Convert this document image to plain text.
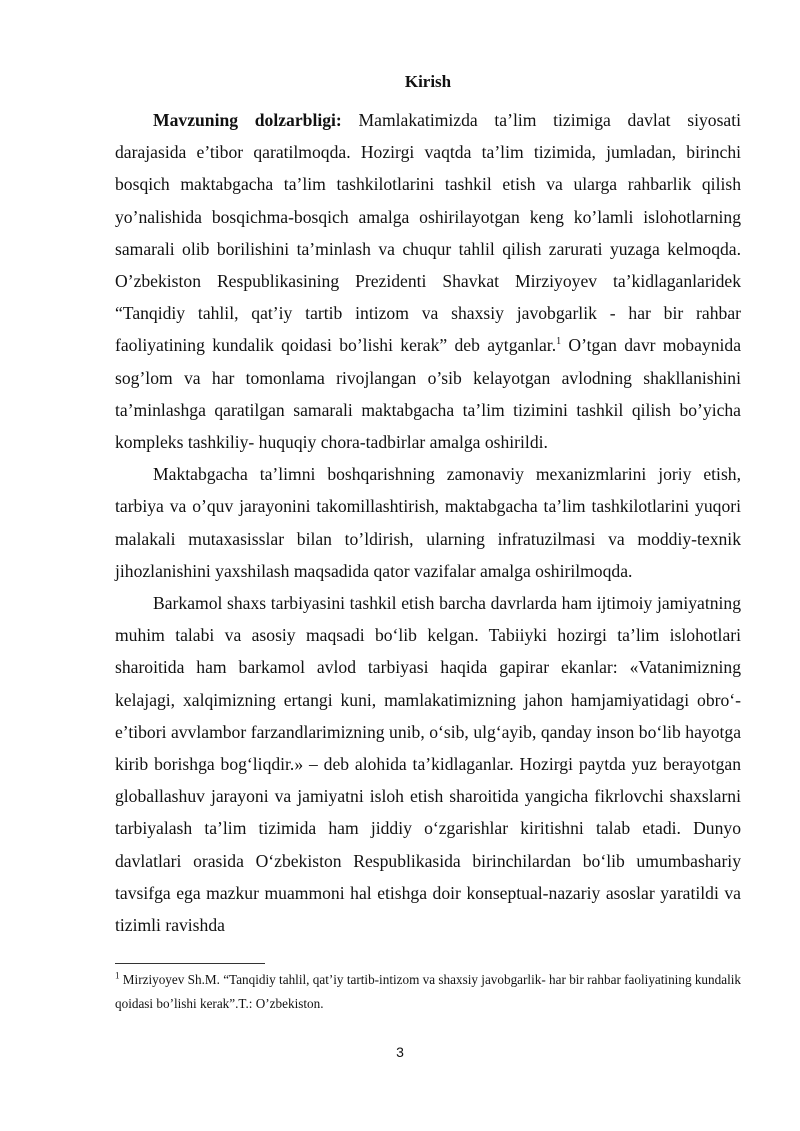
Kirish

Mavzuning dolzarbligi: Mamlakatimizda ta’lim tizimiga davlat siyosati darajasida e’tibor qaratilmoqda. Hozirgi vaqtda ta’lim tizimida, jumladan, birinchi bosqich maktabgacha ta’lim tashkilotlarini tashkil etish va ularga rahbarlik qilish yo’nalishida bosqichma-bosqich amalga oshirilayotgan keng ko’lamli islohotlarning samarali olib borilishini ta’minlash va chuqur tahlil qilish zarurati yuzaga kelmoqda. O’zbekiston Respublikasining Prezidenti Shavkat Mirziyoyev ta’kidlaganlaridek “Tanqidiy tahlil, qat’iy tartib intizom va shaxsiy javobgarlik - har bir rahbar faoliyatining kundalik qoidasi bo’lishi kerak” deb aytganlar.$^1$ O’tgan davr mobaynida sog’lom va har tomonlama rivojlangan o’sib kelayotgan avlodning shakllanishini ta’minlashga qaratilgan samarali maktabgacha ta’lim tizimini tashkil qilish bo’yicha kompleks tashkiliy- huquqiy chora-tadbirlar amalga oshirildi.

Maktabgacha ta’limni boshqarishning zamonaviy mexanizmlarini joriy etish, tarbiya va o’quv jarayonini takomillashtirish, maktabgacha ta’lim tashkilotlarini yuqori malakali mutaxasisslar bilan to’ldirish, ularning infratuzilmasi va moddiy-texnik jihozlanishini yaxshilash maqsadida qator vazifalar amalga oshirilmoqda.

Barkamol shaxs tarbiyasini tashkil etish barcha davrlarda ham ijtimoiy jamiyatning muhim talabi va asosiy maqsadi bo‘lib kelgan. Tabiiyki hozirgi ta’lim islohotlari sharoitida ham barkamol avlod tarbiyasi haqida gapirar ekanlar: «Vatanimizning kelajagi, xalqimizning ertangi kuni, mamlakatimizning jahon hamjamiyatidagi obro‘-e’tibori avvlambor farzandlarimizning unib, o‘sib, ulg‘ayib, qanday inson bo‘lib hayotga kirib borishga bog‘liqdir.» – deb alohida ta’kidlaganlar. Hozirgi paytda yuz berayotgan globallashuv jarayoni va jamiyatni isloh etish sharoitida yangicha fikrlovchi shaxslarni tarbiyalash ta’lim tizimida ham jiddiy o‘zgarishlar kiritishni talab etadi. Dunyo davlatlari orasida O‘zbekiston Respublikasida birinchilardan bo‘lib umumbashariy tavsifga ega mazkur muammoni hal etishga doir konseptual-nazariy asoslar yaratildi va tizimli ravishda

$^1$ Mirziyoyev Sh.M. “Tanqidiy tahlil, qat’iy tartib-intizom va shaxsiy javobgarlik- har bir rahbar faoliyatining kundalik qoidasi bo’lishi kerak”.T.: O’zbekiston.

3
